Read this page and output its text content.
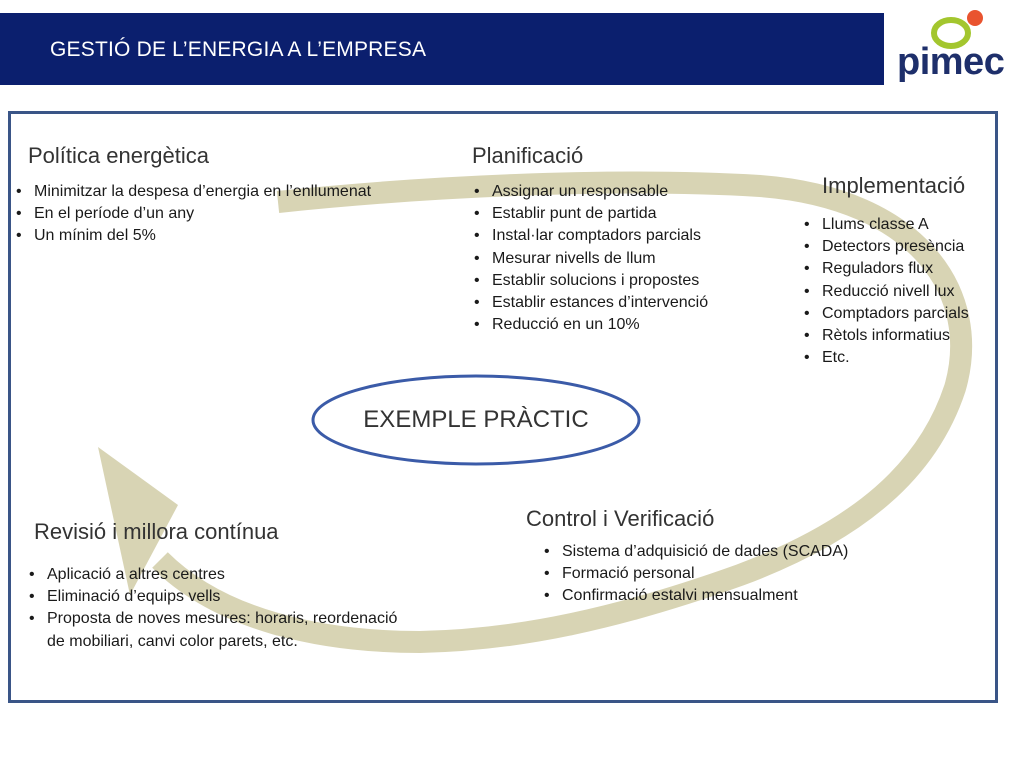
GESTIÓ DE L’ENERGIA A L’EMPRESA	pimec
EXEMPLE PRÀCTIC
Política energètica
• Minimitzar la despesa d’energia en l’enllumenat
• En el període d’un any
• Un mínim del 5%
Planificació
• Assignar un responsable
• Establir punt de partida
• Instal·lar comptadors parcials
• Mesurar nivells de llum
• Establir solucions i propostes
• Establir estances d’intervenció
• Reducció en un 10%
Implementació
• Llums classe A
• Detectors presència
• Reguladors flux
• Reducció nivell lux
• Comptadors parcials
• Rètols informatius
• Etc.
Control i Verificació
• Sistema d’adquisició de dades (SCADA)
• Formació personal
• Confirmació estalvi mensualment
Revisió i millora contínua
• Aplicació a altres centres
• Eliminació d’equips vells
• Proposta de noves mesures: horaris, reordenació
de mobiliari, canvi color parets, etc.
